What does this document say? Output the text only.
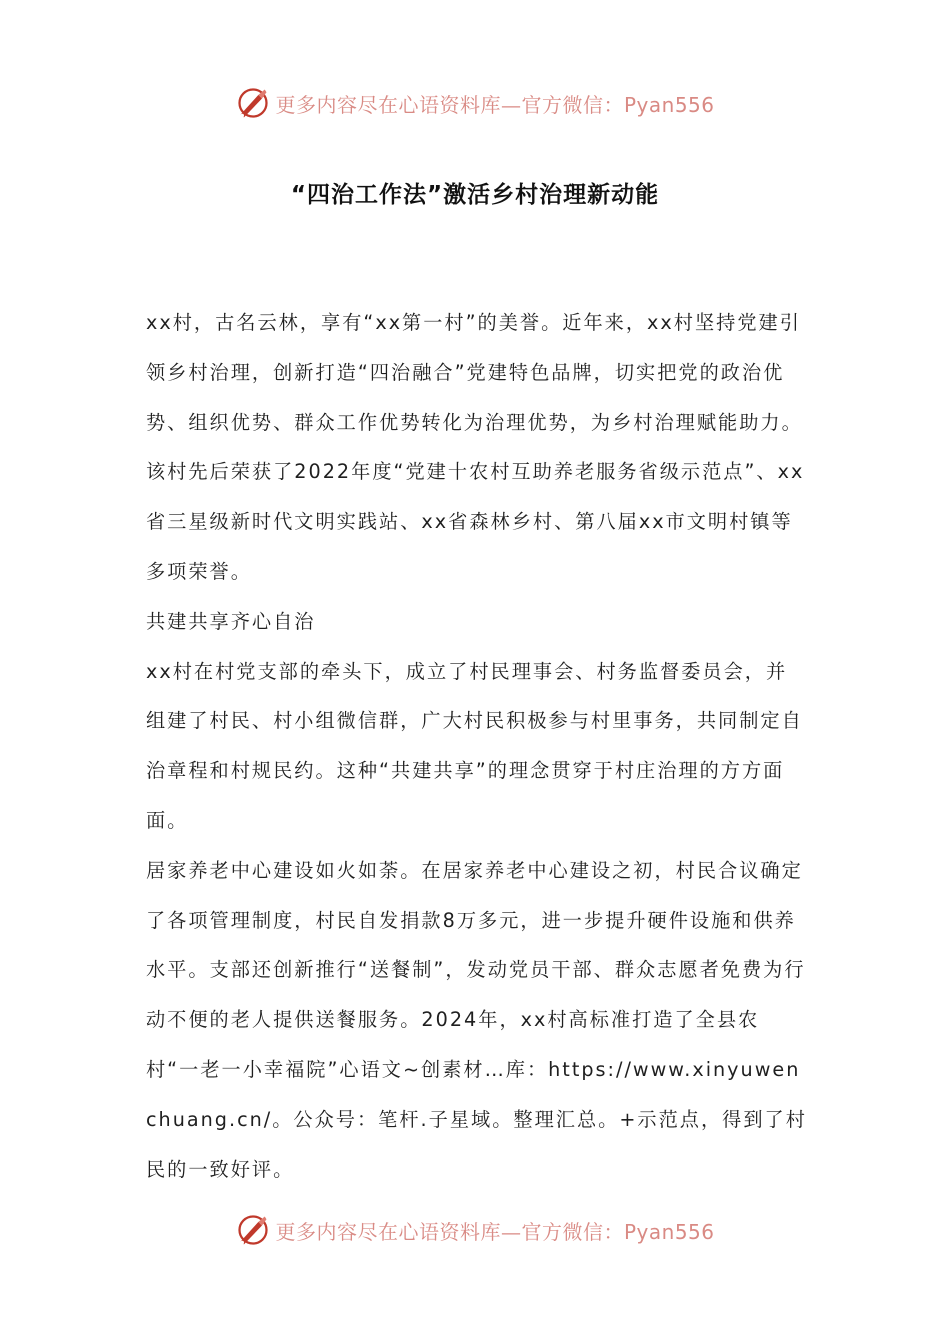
更多内容尽在心语资料库—官方微信：Pyan556
“四治工作法”激活乡村治理新动能

xx村，古名云林，享有“xx第一村”的美誉。近年来，xx村坚持党建引领乡村治理，创新打造“四治融合”党建特色品牌，切实把党的政治优势、组织优势、群众工作优势转化为治理优势，为乡村治理赋能助力。该村先后荣获了2022年度“党建十农村互助养老服务省级示范点”、xx省三星级新时代文明实践站、xx省森林乡村、第八届xx市文明村镇等多项荣誉。

共建共享齐心自治

xx村在村党支部的牵头下，成立了村民理事会、村务监督委员会，并组建了村民、村小组微信群，广大村民积极参与村里事务，共同制定自治章程和村规民约。这种“共建共享”的理念贯穿于村庄治理的方方面面。

居家养老中心建设如火如荼。在居家养老中心建设之初，村民合议确定了各项管理制度，村民自发捐款8万多元，进一步提升硬件设施和供养水平。支部还创新推行“送餐制”，发动党员干部、群众志愿者免费为行动不便的老人提供送餐服务。2024年，xx村高标准打造了全县农村“一老一小幸福院”心语文~创素材…库：https://www.xinyuwenchuang.cn/。公众号：笔杆.子星域。整理汇总。+示范点，得到了村民的一致好评。

更多内容尽在心语资料库—官方微信：Pyan556
